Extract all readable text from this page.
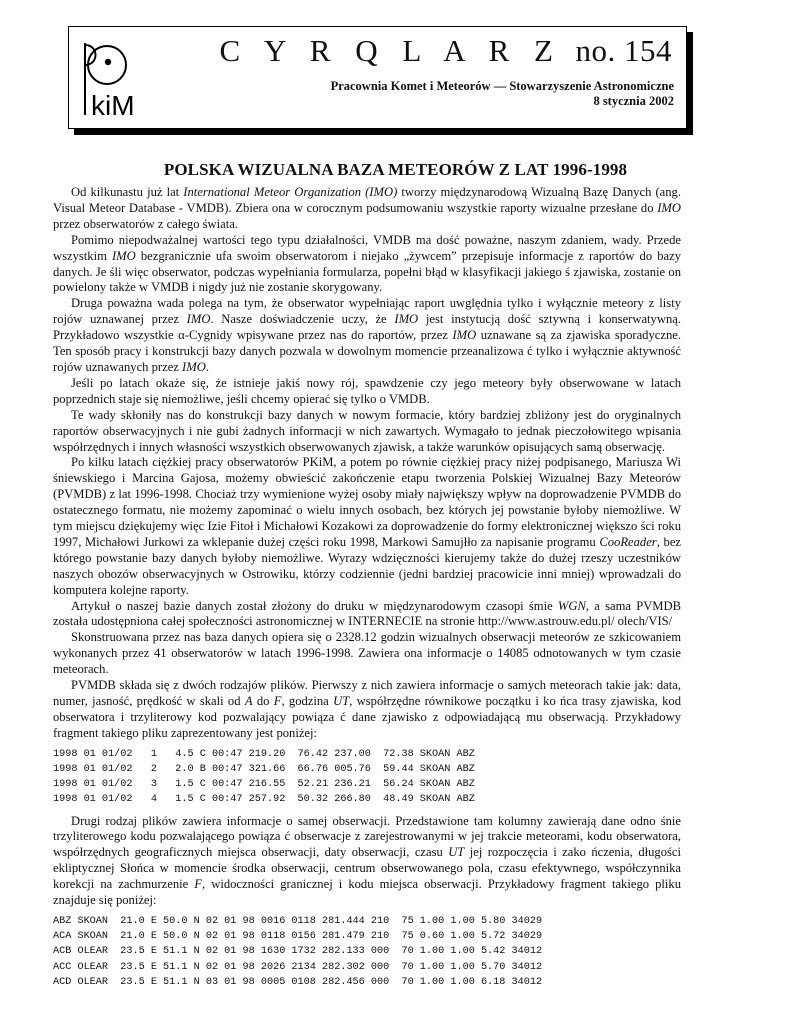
kiM
C Y R Q L A R Z no. 154
Pracownia Komet i Meteorów — Stowarzyszenie Astronomiczne
8 stycznia 2002
POLSKA WIZUALNA BAZA METEORÓW Z LAT 1996-1998

Od kilkunastu już lat International Meteor Organization (IMO) tworzy międzynarodową Wizualną Bazę Danych (ang. Visual Meteor Database - VMDB). Zbiera ona w corocznym podsumowaniu wszystkie raporty wizualne przesłane do IMO przez obserwatorów z całego świata.

Pomimo niepodważalnej wartości tego typu działalności, VMDB ma dość poważne, naszym zdaniem, wady. Przede wszystkim IMO bezgranicznie ufa swoim obserwatorom i niejako „żywcem” przepisuje informacje z raportów do bazy danych. Je śli więc obserwator, podczas wypełniania formularza, popełni błąd w klasyfikacji jakiego ś zjawiska, zostanie on powielony także w VMDB i nigdy już nie zostanie skorygowany.

Druga poważna wada polega na tym, że obserwator wypełniając raport uwględnia tylko i wyłącznie meteory z listy rojów uznawanej przez IMO. Nasze doświadczenie uczy, że IMO jest instytucją dość sztywną i konserwatywną. Przykładowo wszystkie α-Cygnidy wpisywane przez nas do raportów, przez IMO uznawane są za zjawiska sporadyczne. Ten sposób pracy i konstrukcji bazy danych pozwala w dowolnym momencie przeanalizowa ć tylko i wyłącznie aktywność rojów uznawanych przez IMO.

Jeśli po latach okaże się, że istnieje jakiś nowy rój, spawdzenie czy jego meteory były obserwowane w latach poprzednich staje się niemożliwe, jeśli chcemy opierać się tylko o VMDB.

Te wady skłoniły nas do konstrukcji bazy danych w nowym formacie, który bardziej zbliżony jest do oryginalnych raportów obserwacyjnych i nie gubi żadnych informacji w nich zawartych. Wymagało to jednak pieczołowitego wpisania współrzędnych i innych własności wszystkich obserwowanych zjawisk, a także warunków opisujących samą obserwację.

Po kilku latach ciężkiej pracy obserwatorów PKiM, a potem po równie ciężkiej pracy niżej podpisanego, Mariusza Wi śniewskiego i Marcina Gajosa, możemy obwieścić zakończenie etapu tworzenia Polskiej Wizualnej Bazy Meteorów (PVMDB) z lat 1996-1998. Chociaż trzy wymienione wyżej osoby miały największy wpływ na doprowadzenie PVMDB do ostatecznego formatu, nie możemy zapominać o wielu innych osobach, bez których jej powstanie byłoby niemożliwe. W tym miejscu dziękujemy więc Izie Fitoł i Michałowi Kozakowi za doprowadzenie do formy elektronicznej większo ści roku 1997, Michałowi Jurkowi za wklepanie dużej części roku 1998, Markowi Samujłło za napisanie programu CooReader, bez którego powstanie bazy danych byłoby niemożliwe. Wyrazy wdzięczności kierujemy także do dużej rzeszy uczestników naszych obozów obserwacyjnych w Ostrowiku, którzy codziennie (jedni bardziej pracowicie inni mniej) wprowadzali do komputera kolejne raporty.

Artykuł o naszej bazie danych został złożony do druku w międzynarodowym czasopi śmie WGN, a sama PVMDB została udostępniona całej społeczności astronomicznej w INTERNECIE na stronie http://www.astrouw.edu.pl/ olech/VIS/

Skonstruowana przez nas baza danych opiera się o 2328.12 godzin wizualnych obserwacji meteorów ze szkicowaniem wykonanych przez 41 obserwatorów w latach 1996-1998. Zawiera ona informacje o 14085 odnotowanych w tym czasie meteorach.

PVMDB składa się z dwóch rodzajów plików. Pierwszy z nich zawiera informacje o samych meteorach takie jak: data, numer, jasność, prędkość w skali od A do F, godzina UT, współrzędne równikowe początku i ko ńca trasy zjawiska, kod obserwatora i trzyliterowy kod pozwalający powiąza ć dane zjawisko z odpowiadającą mu obserwacją. Przykładowy fragment takiego pliku zaprezentowany jest poniżej:

1998 01 01/02   1   4.5 C 00:47 219.20  76.42 237.00  72.38 SKOAN ABZ
1998 01 01/02   2   2.0 B 00:47 321.66  66.76 005.76  59.44 SKOAN ABZ
1998 01 01/02   3   1.5 C 00:47 216.55  52.21 236.21  56.24 SKOAN ABZ
1998 01 01/02   4   1.5 C 00:47 257.92  50.32 266.80  48.49 SKOAN ABZ

Drugi rodzaj plików zawiera informacje o samej obserwacji. Przedstawione tam kolumny zawierają dane odno śnie trzyliterowego kodu pozwalającego powiąza ć obserwacje z zarejestrowanymi w jej trakcie meteorami, kodu obserwatora, współrzędnych geograficznych miejsca obserwacji, daty obserwacji, czasu UT jej rozpoczęcia i zako ńczenia, długości ekliptycznej Słońca w momencie środka obserwacji, centrum obserwowanego pola, czasu efektywnego, współczynnika korekcji na zachmurzenie F, widoczności granicznej i kodu miejsca obserwacji. Przykładowy fragment takiego pliku znajduje się poniżej:

ABZ SKOAN  21.0 E 50.0 N 02 01 98 0016 0118 281.444 210  75 1.00 1.00 5.80 34029
ACA SKOAN  21.0 E 50.0 N 02 01 98 0118 0156 281.479 210  75 0.60 1.00 5.72 34029
ACB OLEAR  23.5 E 51.1 N 02 01 98 1630 1732 282.133 000  70 1.00 1.00 5.42 34012
ACC OLEAR  23.5 E 51.1 N 02 01 98 2026 2134 282.302 000  70 1.00 1.00 5.70 34012
ACD OLEAR  23.5 E 51.1 N 03 01 98 0005 0108 282.456 000  70 1.00 1.00 6.18 34012
